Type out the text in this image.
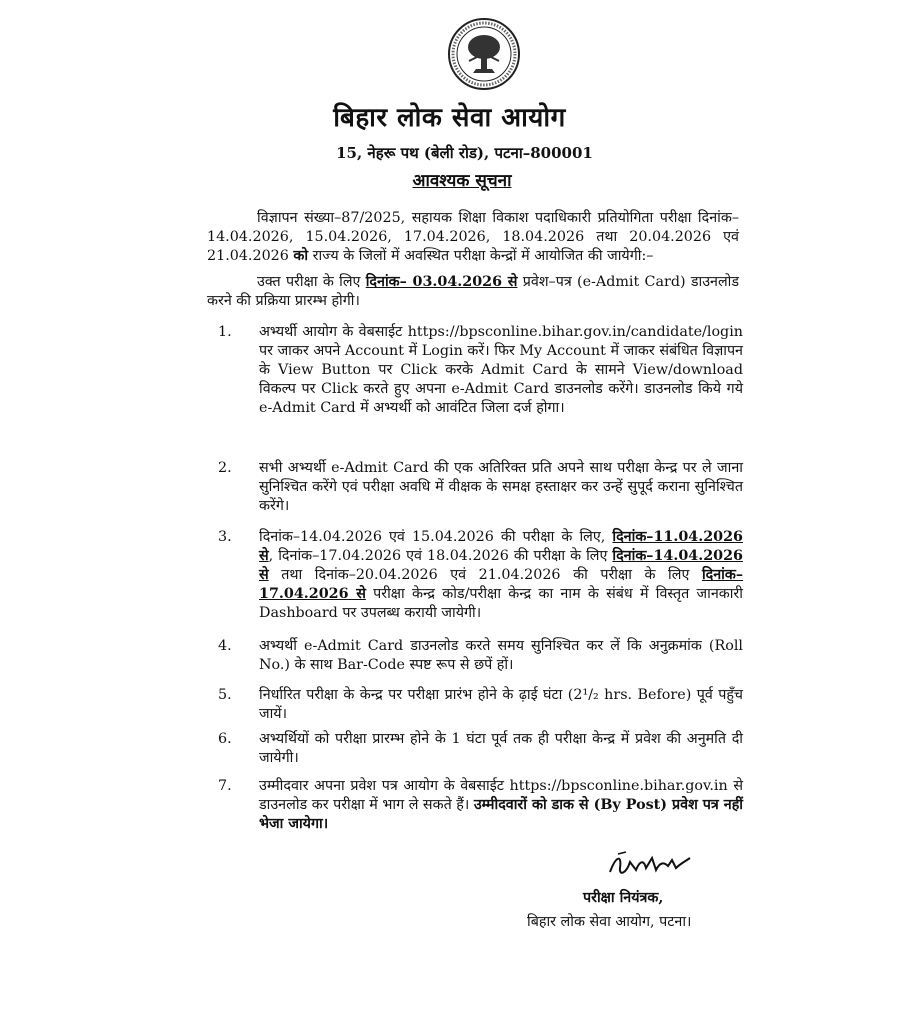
बिहार लोक सेवा आयोग
15, नेहरू पथ (बेली रोड), पटना–800001
आवश्यक सूचना
विज्ञापन संख्या–87/2025, सहायक शिक्षा विकाश पदाधिकारी प्रतियोगिता परीक्षा दिनांक–14.04.2026, 15.04.2026, 17.04.2026, 18.04.2026 तथा 20.04.2026 एवं 21.04.2026 को राज्य के जिलों में अवस्थित परीक्षा केन्द्रों में आयोजित की जायेगी:–
उक्त परीक्षा के लिए दिनांक– 03.04.2026 से प्रवेश–पत्र (e-Admit Card) डाउनलोड करने की प्रक्रिया प्रारम्भ होगी।
1. अभ्यर्थी आयोग के वेबसाईट https://bpsconline.bihar.gov.in/candidate/login पर जाकर अपने Account में Login करें। फिर My Account में जाकर संबंधित विज्ञापन के View Button पर Click करके Admit Card के सामने View/download विकल्प पर Click करते हुए अपना e-Admit Card डाउनलोड करेंगे। डाउनलोड किये गये e-Admit Card में अभ्यर्थी को आवंटित जिला दर्ज होगा।
2. सभी अभ्यर्थी e-Admit Card की एक अतिरिक्त प्रति अपने साथ परीक्षा केन्द्र पर ले जाना सुनिश्चित करेंगे एवं परीक्षा अवधि में वीक्षक के समक्ष हस्ताक्षर कर उन्हें सुपूर्द कराना सुनिश्चित करेंगे।
3. दिनांक–14.04.2026 एवं 15.04.2026 की परीक्षा के लिए, दिनांक–11.04.2026 से, दिनांक–17.04.2026 एवं 18.04.2026 की परीक्षा के लिए दिनांक–14.04.2026 से तथा दिनांक–20.04.2026 एवं 21.04.2026 की परीक्षा के लिए दिनांक–17.04.2026 से परीक्षा केन्द्र कोड/परीक्षा केन्द्र का नाम के संबंध में विस्तृत जानकारी Dashboard पर उपलब्ध करायी जायेगी।
4. अभ्यर्थी e-Admit Card डाउनलोड करते समय सुनिश्चित कर लें कि अनुक्रमांक (Roll No.) के साथ Bar-Code स्पष्ट रूप से छपें हों।
5. निर्धारित परीक्षा के केन्द्र पर परीक्षा प्रारंभ होने के ढ़ाई घंटा (2¹/₂ hrs. Before) पूर्व पहुँच जायें।
6. अभ्यर्थियों को परीक्षा प्रारम्भ होने के 1 घंटा पूर्व तक ही परीक्षा केन्द्र में प्रवेश की अनुमति दी जायेगी।
7. उम्मीदवार अपना प्रवेश पत्र आयोग के वेबसाईट https://bpsconline.bihar.gov.in से डाउनलोड कर परीक्षा में भाग ले सकते हैं। उम्मीदवारों को डाक से (By Post) प्रवेश पत्र नहीं भेजा जायेगा।
परीक्षा नियंत्रक,
बिहार लोक सेवा आयोग, पटना।
